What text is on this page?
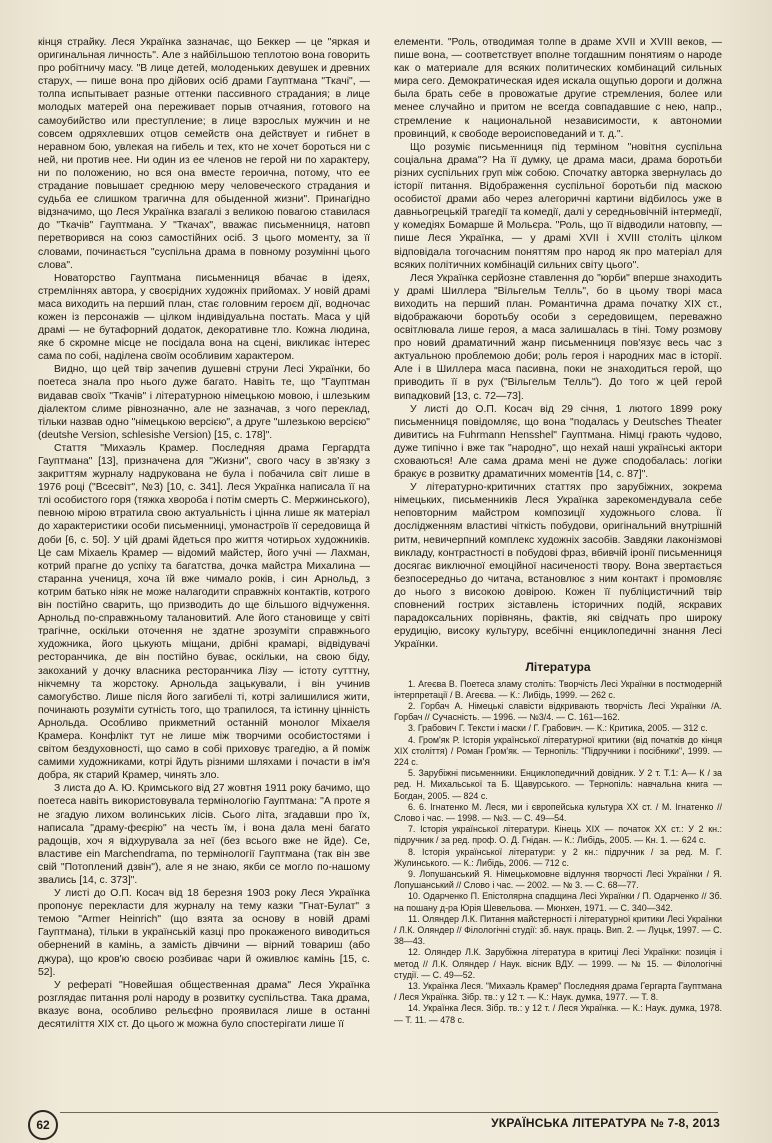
кінця страйку. Леся Українка зазначає, що Беккер — це "яркая и оригинальная личность". Але з найбільшою теплотою вона говорить про робітничу масу. "В лице детей, молоденьких девушек и древних старух, — пише вона про дійових осіб драми Гауптмана "Ткачі", — толпа испытывает разные оттенки пассивного страдания; в лице молодых матерей она переживает порыв отчаяния, готового на самоубийство или преступление; в лице взрослых мужчин и не совсем одряхлевших отцов семейств она действует и гибнет в неравном бою, увлекая на гибель и тех, кто не хочет бороться ни с ней, ни против нее. Ни один из ее членов не герой ни по характеру, ни по положению, но вся она вместе героична, потому, что ее страдание повышает среднюю меру человеческого страдания и судьба ее слишком трагична для обыденной жизни". Принагідно відзначимо, що Леся Українка взагалі з великою повагою ставилася до "Ткачів" Гауптмана. У "Ткачах", вважає письменниця, натовп перетворився на союз самостійних осіб. З цього моменту, за її словами, починається "суспільна драма в повному розумінні цього слова".

Новаторство Гауптмана письменниця вбачає в ідеях, стремліннях автора, у своєрідних художніх прийомах. У новій драмі маса виходить на перший план, стає головним героєм дії, водночас кожен із персонажів — цілком індивідуальна постать. Маса у цій драмі — не бутафорний додаток, декоративне тло. Кожна людина, яке б скромне місце не посідала вона на сцені, викликає інтерес сама по собі, наділена своїм особливим характером.

Видно, що цей твір зачепив душевні струни Лесі Українки, бо поетеса знала про нього дуже багато. Навіть те, що "Гауптман видавав своїх "Ткачів" і літературною німецькою мовою, і шлезьким діалектом слиме рівнозначно, але не зазначав, з чого переклад, тільки назвав одно "німецькою версією", а друге "шлезькою версією" (deutshe Version, schlesishe Version) [15, с. 178]".

Стаття "Михаэль Крамер. Последняя драма Гергардта Гауптмана" [13], призначена для "Жизни", свого часу в зв'язку з закриттям журналу надрукована не була і побачила світ лише в 1976 році ("Всесвіт", №3) [10, с. 341]. Леся Українка написала її на тлі особистого горя (тяжка хвороба і потім смерть С. Мержинського), певною мірою втратила свою актуальність і цінна лише як матеріал до характеристики особи письменниці, умонастроїв її середовища й доби [6, с. 50]. У цій драмі йдеться про життя чотирьох художників. Це сам Міхаель Крамер — відомий майстер, його учні — Лахман, котрий прагне до успіху та багатства, дочка майстра Михалина — старанна учениця, хоча їй вже чимало років, і син Арнольд, з котрим батько ніяк не може налагодити справжніх контактів, котрого він постійно сварить, що призводить до ще більшого відчуження. Арнольд по-справжньому талановитий. Але його становище у світі трагічне, оскільки оточення не здатне зрозуміти справжнього художника, його цькують міщани, дрібні крамарі, відвідувачі ресторанчика, де він постійно буває, оскільки, на свою біду, закоханий у дочку власника ресторанчика Лізу — істоту сутттну, нікчемну та жорстоку. Арнольда зацькували, і він учинив самогубство. Лише після його загибелі ті, котрі залишилися жити, починають розуміти сутність того, що трапилося, та істинну цінність Арнольда. Особливо прикметний останній монолог Міхаеля Крамера. Конфлікт тут не лише між творчими особистостями і світом бездуховності, що само в собі приховує трагедію, а й поміж самими художниками, котрі йдуть різними шляхами і почасти в ім'я добра, як старий Крамер, чинять зло.

З листа до А. Ю. Кримського від 27 жовтня 1911 року бачимо, що поетеса навіть використовувала термінологію Гауптмана: "А проте я не згадую лихом волинських лісів. Сього літа, згадавши про їх, написала "драму-феєрію" на честь їм, і вона дала мені багато радощів, хоч я відхурувала за неї (без всього вже не йде). Се, властиве ein Marchendrama, по термінології Гауптмана (так він зве свій "Потоплений дзвін"), але я не знаю, якби се могло по-нашому звались [14, с. 373]".

У листі до О.П. Косач від 18 березня 1903 року Леся Українка пропонує перекласти для журналу на тему казки "Гнат-Булат" з темою "Armer Heinrich" (що взята за основу в новій драмі Гауптмана), тільки в українській казці про прокаженого виводиться обернений в камінь, а замість дівчини — вірний товариш (або джура), що кров'ю своєю розбиває чари й оживлює камінь [15, с. 52].

У рефераті "Новейшая общественная драма" Леся Українка розглядає питання ролі народу в розвитку суспільства. Така драма, вказує вона, особливо рельєфно проявилася лише в останні десятиліття XIX ст. До цього ж можна було спостерігати лише її

елементи. "Роль, отводимая толпе в драме XVII и XVIII веков, — пише вона, — соответствует вполне тогдашним понятиям о народе как о материале для всяких политических комбинаций сильных мира сего. Демократическая идея искала ощупью дороги и должна была брать себе в провожатые другие стремления, более или менее случайно и притом не всегда совпадавшие с нею, напр., стремление к национальной независимости, к автономии провинций, к свободе вероисповеданий и т. д.".

Що розуміє письменниця під терміном "новітня суспільна соціальна драма"? На її думку, це драма маси, драма боротьби різних суспільних груп між собою. Спочатку авторка звернулась до історії питання. Відображення суспільної боротьби під маскою особистої драми або через алегоричні картини відбилось уже в давньогрецькій трагедії та комедії, далі у середньовічній інтермедії, у комедіях Бомарше й Мольєра. "Роль, що її відводили натовпу, — пише Леся Українка, — у драмі XVII і XVIII століть цілком відповідала тогочасним поняттям про народ як про матеріал для всяких політичних комбінацій сильних світу цього".

Леся Українка серйозне ставлення до "юрби" вперше знаходить у драмі Шиллера "Вільгельм Телль", бо в цьому творі маса виходить на перший план. Романтична драма початку XIX ст., відображаючи боротьбу особи з середовищем, переважно освітлювала лише героя, а маса залишалась в тіні. Тому розмову про новий драматичний жанр письменниця пов'язує весь час з актуальною проблемою доби; роль героя і народних мас в історії. Але і в Шиллера маса пасивна, поки не знаходиться герой, що приводить її в рух ("Вільгельм Телль"). До того ж цей герой випадковий [13, с. 72—73].

У листі до О.П. Косач від 29 січня, 1 лютого 1899 року письменниця повідомляє, що вона "подалась у Deutsches Theater дивитись на Fuhrmann Hensshel" Гауптмана. Німці грають чудово, дуже типічно і вже так "народно", що нехай наші українські актори сховаються! Але сама драма мені не дуже сподобалась: логіки бракує в розвитку драматичних моментів [14, с. 87]".

У літературно-критичних статтях про зарубіжних, зокрема німецьких, письменників Леся Українка зарекомендувала себе неповторним майстром композиції художнього слова. Її дослідженням властиві чіткість побудови, оригінальний внутрішній ритм, невичерпний комплекс художніх засобів. Завдяки лаконізмові викладу, контрастності в побудові фраз, вбивчій іронії письменниця досягає виключної емоційної насиченості твору. Вона звертається безпосередньо до читача, встановлює з ним контакт і промовляє до нього з високою довірою. Кожен її публіцистичний твір сповнений гострих зіставлень історичних подій, яскравих парадоксальних порівнянь, фактів, які свідчать про широку ерудицію, високу культуру, всебічні енциклопедичні знання Лесі Українки.

Література

1. Агеєва В. Поетеса зламу століть: Творчість Лесі Українки в постмодерній інтерпретації / В. Агеєва. — К.: Либідь, 1999. — 262 с.

2. Горбач А. Німецькі славісти відкривають творчість Лесі Українки /А. Горбач // Сучасність. — 1996. — №3/4. — С. 161—162.

3. Грабович Г. Тексти і маски / Г. Грабович. — К.: Критика, 2005. — 312 с.

4. Гром'як Р. Історія української літературної критики (від початків до кінця XIX століття) / Роман Гром'як. — Тернопіль: "Підручники і посібники", 1999. — 224 с.

5. Зарубіжні письменники. Енциклопедичний довідник. У 2 т. Т.1: А— К / за ред. Н. Михальської та Б. Щавурського. — Тернопіль: навчальна книга — Богдан, 2005. — 824 с.

6. 6. Ігнатенко М. Леся, ми і європейська культура XX ст. / М. Ігнатенко // Слово і час. — 1998. — №3. — С. 49—54.

7. Історія української літератури. Кінець XIX — початок XX ст.: У 2 кн.: підручник / за ред. проф. О. Д. Гнідан. — К.: Либідь, 2005. — Кн. 1. — 624 с.

8. Історія української літератури: у 2 кн.: підручник / за ред. М. Г. Жулинського. — К.: Либідь, 2006. — 712 с.

9. Лопушанський Я. Німецькомовне відлуння творчості Лесі Українки / Я. Лопушанський // Слово і час. — 2002. — № 3. — С. 68—77.

10. Одарченко П. Епістолярна спадщина Лесі Українки / П. Одарченко // Зб. на пошану д-ра Юрія Шевельова. — Мюнхен, 1971. — С. 340—342.

11. Оляндер Л.К. Питання майстерності і літературної критики Лесі Українки / Л.К. Оляндер // Філологічні студії: зб. наук. праць. Вип. 2. — Луцьк, 1997. — С. 38—43.

12. Оляндер Л.К. Зарубіжна література в критиці Лесі Українки: позиція і метод // Л.К. Оляндер / Наук. вісник ВДУ. — 1999. — № 15. — Філологічні студії. — С. 49—52.

13. Українка Леся. "Михаэль Крамер" Последняя драма Гергарта Гауптмана / Леся Українка. Зібр. тв.: у 12 т. — К.: Наук. думка, 1977. — Т. 8.

14. Українка Леся. Зібр. тв.: у 12 т. / Леся Українка. — К.: Наук. думка, 1978. — Т. 11. — 478 с.

62	УКРАЇНСЬКА ЛІТЕРАТУРА № 7-8, 2013
